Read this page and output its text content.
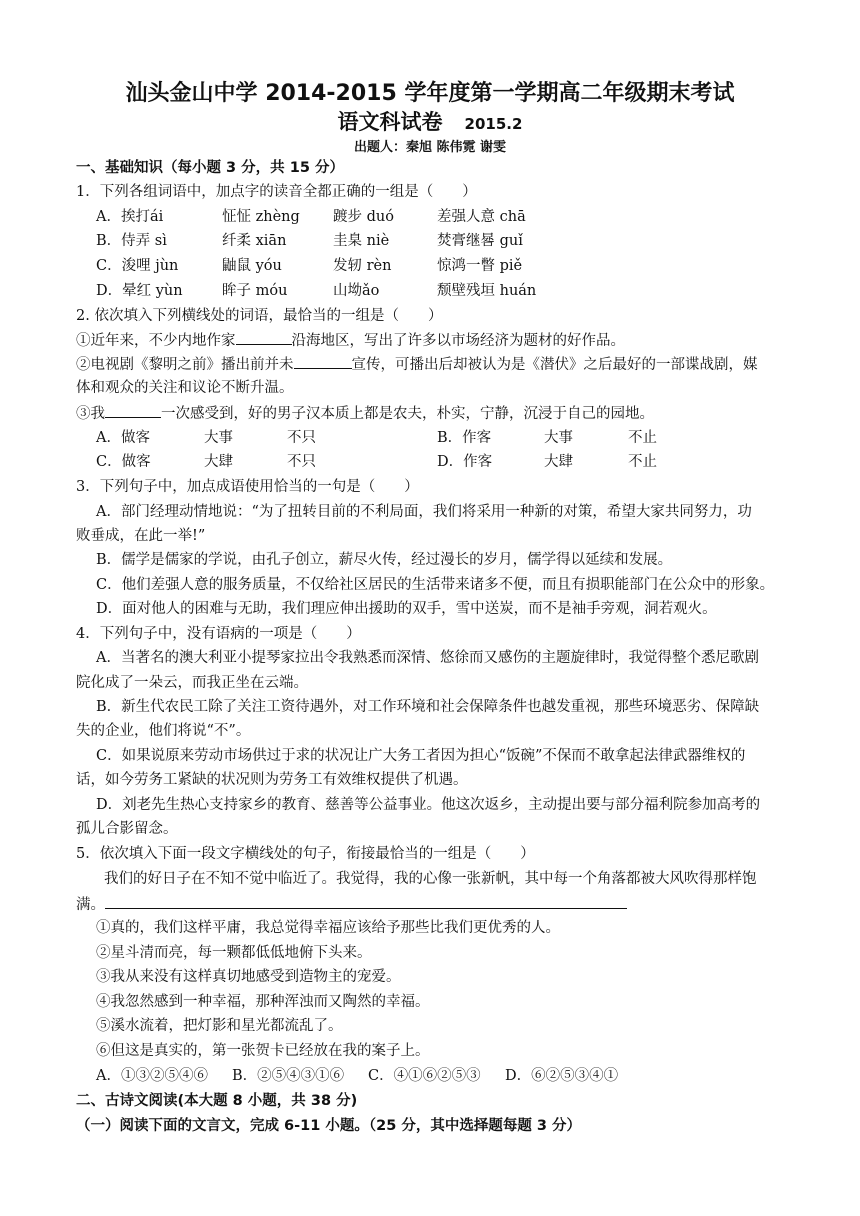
汕头金山中学 2014-2015 学年度第一学期高二年级期末考试
语文科试卷 2015.2
出题人：秦旭 陈伟霓 谢雯
一、基础知识（每小题 3 分，共 15 分）
1．下列各组词语中，加点字的读音全都正确的一组是（　　）
A．挨打ái	怔怔 zhèng 踱步 duó	差强人意 chā
B．侍弄 sì	纤柔 xiān	圭臬 niè	焚膏继晷 guǐ
C．浚哩 jùn	鼬鼠 yóu	发轫 rèn	惊鸿一瞥 piě
D．晕红 yùn	眸子 móu	山坳ǎo	颓壁残垣 huán
2. 依次填入下列横线处的词语，最恰当的一组是（　　）
①近年来，不少内地作家	沿海地区，写出了许多以市场经济为题材的好作品。
②电视剧《黎明之前》播出前并未	宣传，可播出后却被认为是《潜伏》之后最好的一部谍战剧，媒
体和观众的关注和议论不断升温。
③我	一次感受到，好的男子汉本质上都是农夫，朴实，宁静，沉浸于自己的园地。
A．做客	大事	不只	B．作客	大事	不止
C．做客	大肆	不只	D．作客	大肆	不止
3．下列句子中，加点成语使用恰当的一句是（　　）
A．部门经理动情地说：“为了扭转目前的不利局面，我们将采用一种新的对策，希望大家共同努力，功
败垂成，在此一举!”
B．儒学是儒家的学说，由孔子创立，薪尽火传，经过漫长的岁月，儒学得以延续和发展。
C．他们差强人意的服务质量，不仅给社区居民的生活带来诸多不便，而且有损职能部门在公众中的形象。
D．面对他人的困难与无助，我们理应伸出援助的双手，雪中送炭，而不是袖手旁观，洞若观火。
4．下列句子中，没有语病的一项是（　　）
A．当著名的澳大利亚小提琴家拉出令我熟悉而深情、悠徐而又感伤的主题旋律时，我觉得整个悉尼歌剧
院化成了一朵云，而我正坐在云端。
B．新生代农民工除了关注工资待遇外，对工作环境和社会保障条件也越发重视，那些环境恶劣、保障缺
失的企业，他们将说“不”。
C．如果说原来劳动市场供过于求的状况让广大务工者因为担心“饭碗”不保而不敢拿起法律武器维权的
话，如今劳务工紧缺的状况则为劳务工有效维权提供了机遇。
D．刘老先生热心支持家乡的教育、慈善等公益事业。他这次返乡，主动提出要与部分福利院参加高考的
孤儿合影留念。
5．依次填入下面一段文字横线处的句子，衔接最恰当的一组是（　　）
我们的好日子在不知不觉中临近了。我觉得，我的心像一张新帆，其中每一个角落都被大风吹得那样饱
满。
①真的，我们这样平庸，我总觉得幸福应该给予那些比我们更优秀的人。
②星斗清而亮，每一颗都低低地俯下头来。
③我从来没有这样真切地感受到造物主的宠爱。
④我忽然感到一种幸福，那种浑浊而又陶然的幸福。
⑤溪水流着，把灯影和星光都流乱了。
⑥但这是真实的，第一张贺卡已经放在我的案子上。
A．①③②⑤④⑥ B．②⑤④③①⑥ C．④①⑥②⑤③ D．⑥②⑤③④①
二、古诗文阅读(本大题 8 小题，共 38 分)
（一）阅读下面的文言文，完成 6-11 小题。（25 分，其中选择题每题 3 分）
